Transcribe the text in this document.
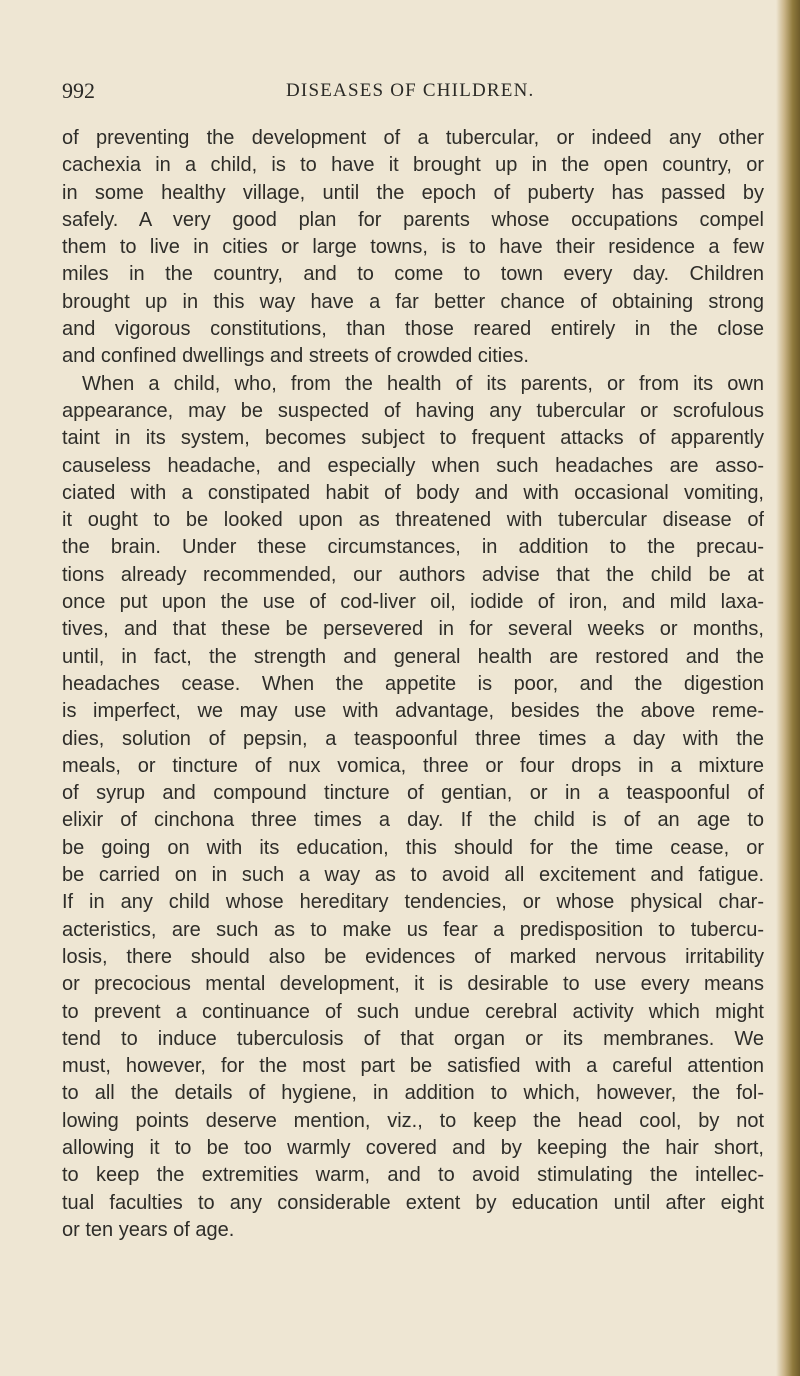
992	DISEASES OF CHILDREN.
of preventing the development of a tubercular, or indeed any other
cachexia in a child, is to have it brought up in the open country, or
in some healthy village, until the epoch of puberty has passed by
safely. A very good plan for parents whose occupations compel
them to live in cities or large towns, is to have their residence a few
miles in the country, and to come to town every day. Children
brought up in this way have a far better chance of obtaining strong
and vigorous constitutions, than those reared entirely in the close
and confined dwellings and streets of crowded cities.
When a child, who, from the health of its parents, or from its own
appearance, may be suspected of having any tubercular or scrofulous
taint in its system, becomes subject to frequent attacks of apparently
causeless headache, and especially when such headaches are asso-
ciated with a constipated habit of body and with occasional vomiting,
it ought to be looked upon as threatened with tubercular disease of
the brain. Under these circumstances, in addition to the precau-
tions already recommended, our authors advise that the child be at
once put upon the use of cod-liver oil, iodide of iron, and mild laxa-
tives, and that these be persevered in for several weeks or months,
until, in fact, the strength and general health are restored and the
headaches cease. When the appetite is poor, and the digestion
is imperfect, we may use with advantage, besides the above reme-
dies, solution of pepsin, a teaspoonful three times a day with the
meals, or tincture of nux vomica, three or four drops in a mixture
of syrup and compound tincture of gentian, or in a teaspoonful of
elixir of cinchona three times a day. If the child is of an age to
be going on with its education, this should for the time cease, or
be carried on in such a way as to avoid all excitement and fatigue.
If in any child whose hereditary tendencies, or whose physical char-
acteristics, are such as to make us fear a predisposition to tubercu-
losis, there should also be evidences of marked nervous irritability
or precocious mental development, it is desirable to use every means
to prevent a continuance of such undue cerebral activity which might
tend to induce tuberculosis of that organ or its membranes. We
must, however, for the most part be satisfied with a careful attention
to all the details of hygiene, in addition to which, however, the fol-
lowing points deserve mention, viz., to keep the head cool, by not
allowing it to be too warmly covered and by keeping the hair short,
to keep the extremities warm, and to avoid stimulating the intellec-
tual faculties to any considerable extent by education until after eight
or ten years of age.
